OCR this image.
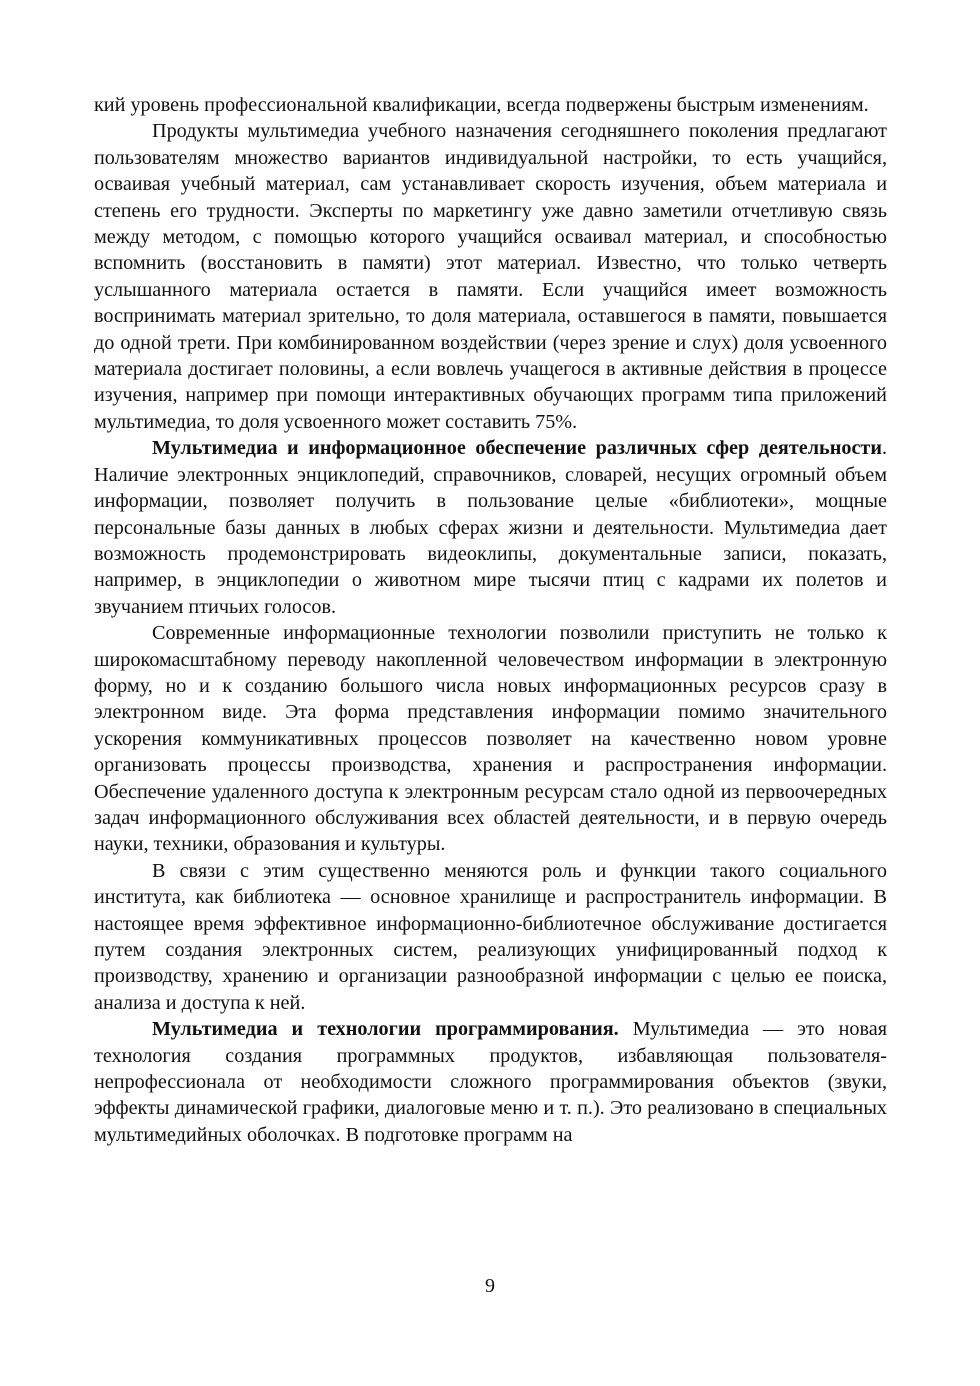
кий уровень профессиональной квалификации, всегда подвержены быстрым изменениям.

Продукты мультимедиа учебного назначения сегодняшнего поколения предлагают пользователям множество вариантов индивидуальной настройки, то есть учащийся, осваивая учебный материал, сам устанавливает скорость изучения, объем материала и степень его трудности. Эксперты по маркетингу уже давно заметили отчетливую связь между методом, с помощью которого учащийся осваивал материал, и способностью вспомнить (восстановить в памяти) этот материал. Известно, что только четверть услышанного материала остается в памяти. Если учащийся имеет возможность воспринимать материал зрительно, то доля материала, оставшегося в памяти, повышается до одной трети. При комбинированном воздействии (через зрение и слух) доля усвоенного материала достигает половины, а если вовлечь учащегося в активные действия в процессе изучения, например при помощи интерактивных обучающих программ типа приложений мультимедиа, то доля усвоенного может составить 75%.

Мультимедиа и информационное обеспечение различных сфер деятельности. Наличие электронных энциклопедий, справочников, словарей, несущих огромный объем информации, позволяет получить в пользование целые «библиотеки», мощные персональные базы данных в любых сферах жизни и деятельности. Мультимедиа дает возможность продемонстрировать видеоклипы, документальные записи, показать, например, в энциклопедии о животном мире тысячи птиц с кадрами их полетов и звучанием птичьих голосов.

Современные информационные технологии позволили приступить не только к широкомасштабному переводу накопленной человечеством информации в электронную форму, но и к созданию большого числа новых информационных ресурсов сразу в электронном виде. Эта форма представления информации помимо значительного ускорения коммуникативных процессов позволяет на качественно новом уровне организовать процессы производства, хранения и распространения информации. Обеспечение удаленного доступа к электронным ресурсам стало одной из первоочередных задач информационного обслуживания всех областей деятельности, и в первую очередь науки, техники, образования и культуры.

В связи с этим существенно меняются роль и функции такого социального института, как библиотека — основное хранилище и распространитель информации. В настоящее время эффективное информационно-библиотечное обслуживание достигается путем создания электронных систем, реализующих унифицированный подход к производству, хранению и организации разнообразной информации с целью ее поиска, анализа и доступа к ней.

Мультимедиа и технологии программирования. Мультимедиа — это новая технология создания программных продуктов, избавляющая пользователя-непрофессионала от необходимости сложного программирования объектов (звуки, эффекты динамической графики, диалоговые меню и т. п.). Это реализовано в специальных мультимедийных оболочках. В подготовке программ на

9
